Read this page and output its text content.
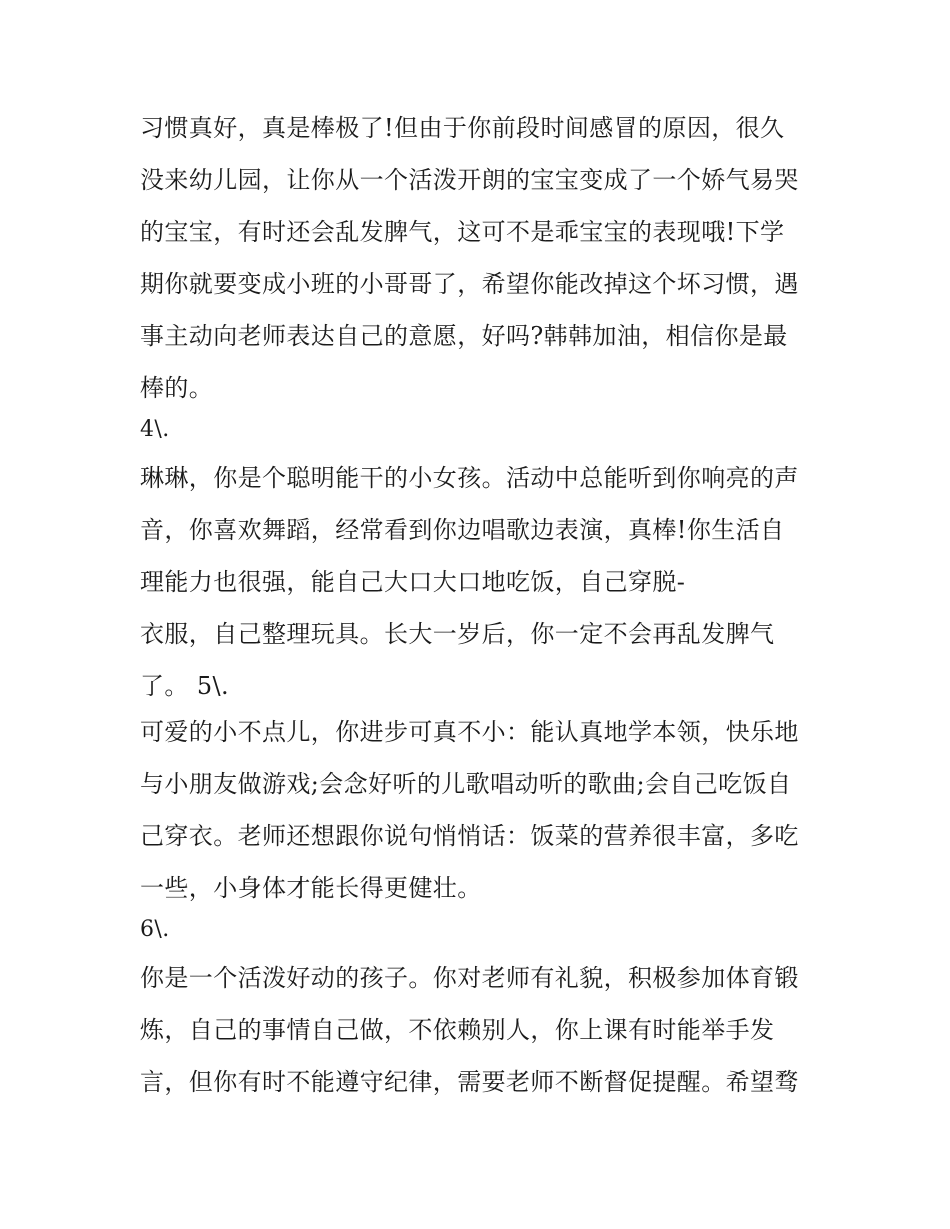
习惯真好，真是棒极了!但由于你前段时间感冒的原因，很久
没来幼儿园，让你从一个活泼开朗的宝宝变成了一个娇气易哭
的宝宝，有时还会乱发脾气，这可不是乖宝宝的表现哦!下学
期你就要变成小班的小哥哥了，希望你能改掉这个坏习惯，遇
事主动向老师表达自己的意愿，好吗?韩韩加油，相信你是最
棒的。
4\.
琳琳，你是个聪明能干的小女孩。活动中总能听到你响亮的声
音，你喜欢舞蹈，经常看到你边唱歌边表演，真棒!你生活自
理能力也很强，能自己大口大口地吃饭，自己穿脱-
衣服，自己整理玩具。长大一岁后，你一定不会再乱发脾气
了。 5\.
可爱的小不点儿，你进步可真不小：能认真地学本领，快乐地
与小朋友做游戏;会念好听的儿歌唱动听的歌曲;会自己吃饭自
己穿衣。老师还想跟你说句悄悄话：饭菜的营养很丰富，多吃
一些，小身体才能长得更健壮。
6\.
你是一个活泼好动的孩子。你对老师有礼貌，积极参加体育锻
炼，自己的事情自己做，不依赖别人，你上课有时能举手发
言，但你有时不能遵守纪律，需要老师不断督促提醒。希望骛
